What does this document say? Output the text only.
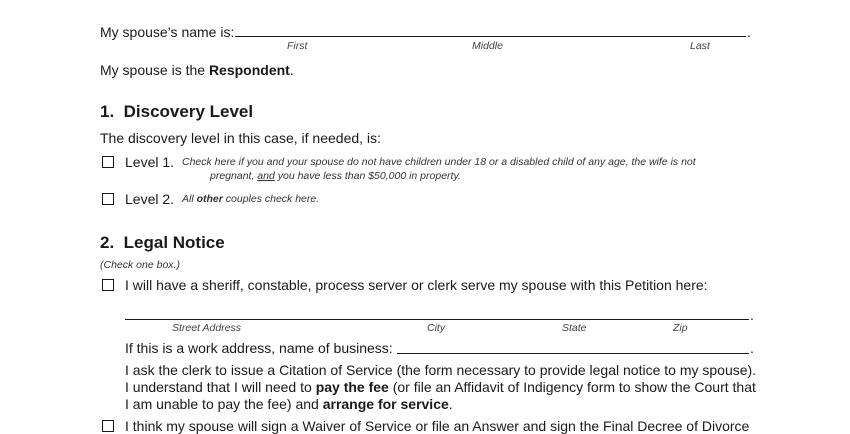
My spouse’s name is:	.
First	Middle	Last
My spouse is the Respondent.
1. Discovery Level
The discovery level in this case, if needed, is:
Level 1. Check here if you and your spouse do not have children under 18 or a disabled child of any age, the wife is not
pregnant, and you have less than $50,000 in property.
Level 2. All other couples check here.
2. Legal Notice
(Check one box.)
I will have a sheriff, constable, process server or clerk serve my spouse with this Petition here:
.
Street Address	City	State	Zip
If this is a work address, name of business:	.
I ask the clerk to issue a Citation of Service (the form necessary to provide legal notice to my spouse).
I understand that I will need to pay the fee (or file an Affidavit of Indigency form to show the Court that
I am unable to pay the fee) and arrange for service.
I think my spouse will sign a Waiver of Service or file an Answer and sign the Final Decree of Divorce
